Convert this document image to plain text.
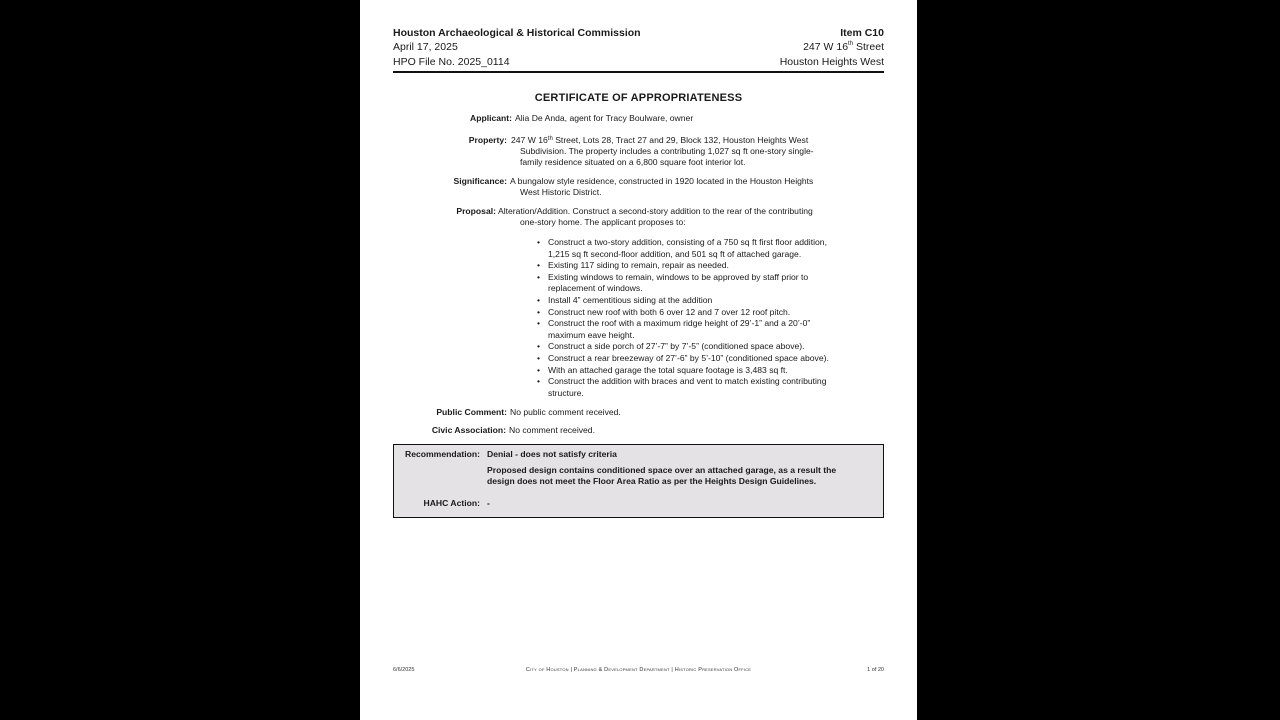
Houston Archaeological & Historical Commission	Item C10
April 17, 2025	247 W 16th Street
HPO File No. 2025_0114	Houston Heights West
CERTIFICATE OF APPROPRIATENESS
Applicant: Alia De Anda, agent for Tracy Boulware, owner
Property: 247 W 16th Street, Lots 28, Tract 27 and 29, Block 132, Houston Heights West
Subdivision. The property includes a contributing 1,027 sq ft one-story single-
family residence situated on a 6,800 square foot interior lot.
Significance: A bungalow style residence, constructed in 1920 located in the Houston Heights
West Historic District.
Proposal: Alteration/Addition. Construct a second-story addition to the rear of the contributing
one-story home. The applicant proposes to:
• Construct a two-story addition, consisting of a 750 sq ft first floor addition, 1,215 sq ft second-floor addition, and 501 sq ft of attached garage.
• Existing 117 siding to remain, repair as needed.
• Existing windows to remain, windows to be approved by staff prior to replacement of windows.
• Install 4” cementitious siding at the addition
• Construct new roof with both 6 over 12 and 7 over 12 roof pitch.
• Construct the roof with a maximum ridge height of 29’-1” and a 20’-0” maximum eave height.
• Construct a side porch of 27’-7” by 7’-5” (conditioned space above).
• Construct a rear breezeway of 27’-6” by 5’-10” (conditioned space above).
• With an attached garage the total square footage is 3,483 sq ft.
• Construct the addition with braces and vent to match existing contributing structure.
Public Comment: No public comment received.
Civic Association: No comment received.
Recommendation: Denial - does not satisfy criteria
Proposed design contains conditioned space over an attached garage, as a result the
design does not meet the Floor Area Ratio as per the Heights Design Guidelines.
HAHC Action: -
6/6/2025	City of Houston | Planning & Development Department | Historic Preservation Office	1 of 20
